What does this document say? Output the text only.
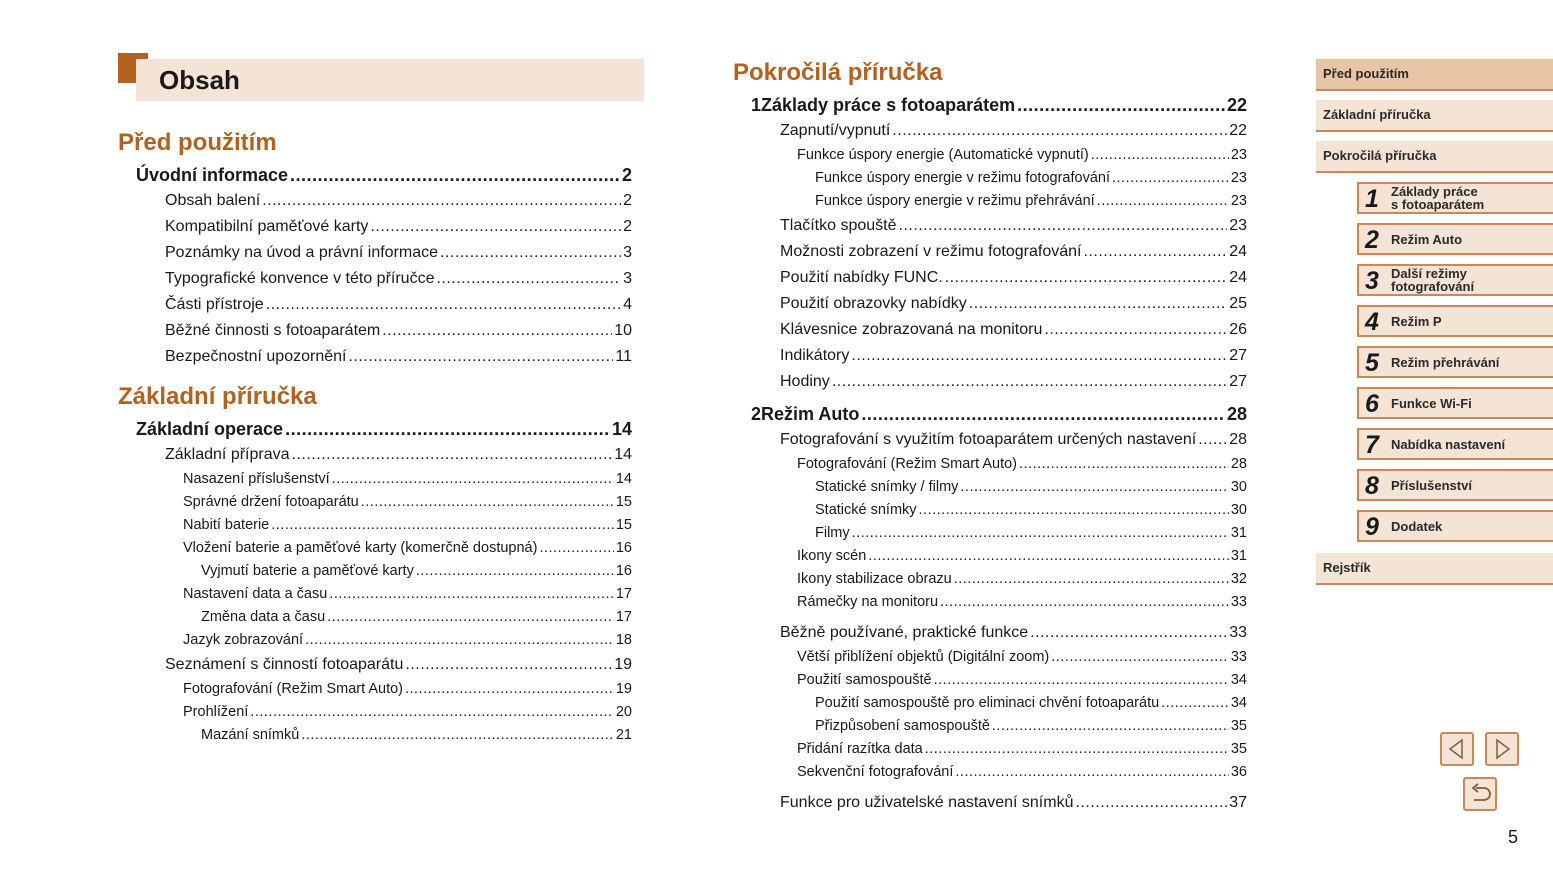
Obsah
Před použitím
Úvodní informace .....	2
Obsah balení .....	2
Kompatibilní paměťové karty .....	2
Poznámky na úvod a právní informace .....	3
Typografické konvence v této příručce .....	3
Části přístroje .....	4
Běžné činnosti s fotoaparátem .....	10
Bezpečnostní upozornění .....	11
Základní příručka
Základní operace .....	14
Základní příprava .....	14
Nasazení příslušenství .....	14
Správné držení fotoaparátu .....	15
Nabití baterie .....	15
Vložení baterie a paměťové karty (komerčně dostupná) .....	16
Vyjmutí baterie a paměťové karty .....	16
Nastavení data a času .....	17
Změna data a času .....	17
Jazyk zobrazování .....	18
Seznámení s činností fotoaparátu .....	19
Fotografování (Režim Smart Auto) .....	19
Prohlížení .....	20
Mazání snímků .....	21
Pokročilá příručka
1 Základy práce s fotoaparátem .....	22
Zapnutí/vypnutí .....	22
Funkce úspory energie (Automatické vypnutí) .....	23
Funkce úspory energie v režimu fotografování .....	23
Funkce úspory energie v režimu přehrávání .....	23
Tlačítko spouště .....	23
Možnosti zobrazení v režimu fotografování .....	24
Použití nabídky FUNC. .....	24
Použití obrazovky nabídky .....	25
Klávesnice zobrazovaná na monitoru .....	26
Indikátory .....	27
Hodiny .....	27
2 Režim Auto .....	28
Fotografování s využitím fotoaparátem určených nastavení ..... 28
Fotografování (Režim Smart Auto) .....	28
Statické snímky / filmy .....	30
Statické snímky .....	30
Filmy .....	31
Ikony scén .....	31
Ikony stabilizace obrazu .....	32
Rámečky na monitoru .....	33
Běžně používané, praktické funkce .....	33
Větší přiblížení objektů (Digitální zoom) .....	33
Použití samospouště .....	34
Použití samospouště pro eliminaci chvění fotoaparátu .....	34
Přizpůsobení samospouště .....	35
Přidání razítka data .....	35
Sekvenční fotografování .....	36
Funkce pro uživatelské nastavení snímků .....	37
Před použitím
Základní příručka
Pokročilá příručka
1 Základy práce
s fotoaparátem
2 Režim Auto
3 Další režimy
fotografování
4 Režim P
5 Režim přehrávání
6 Funkce Wi-Fi
7 Nabídka nastavení
8 Příslušenství
9 Dodatek
Rejstřík
5
